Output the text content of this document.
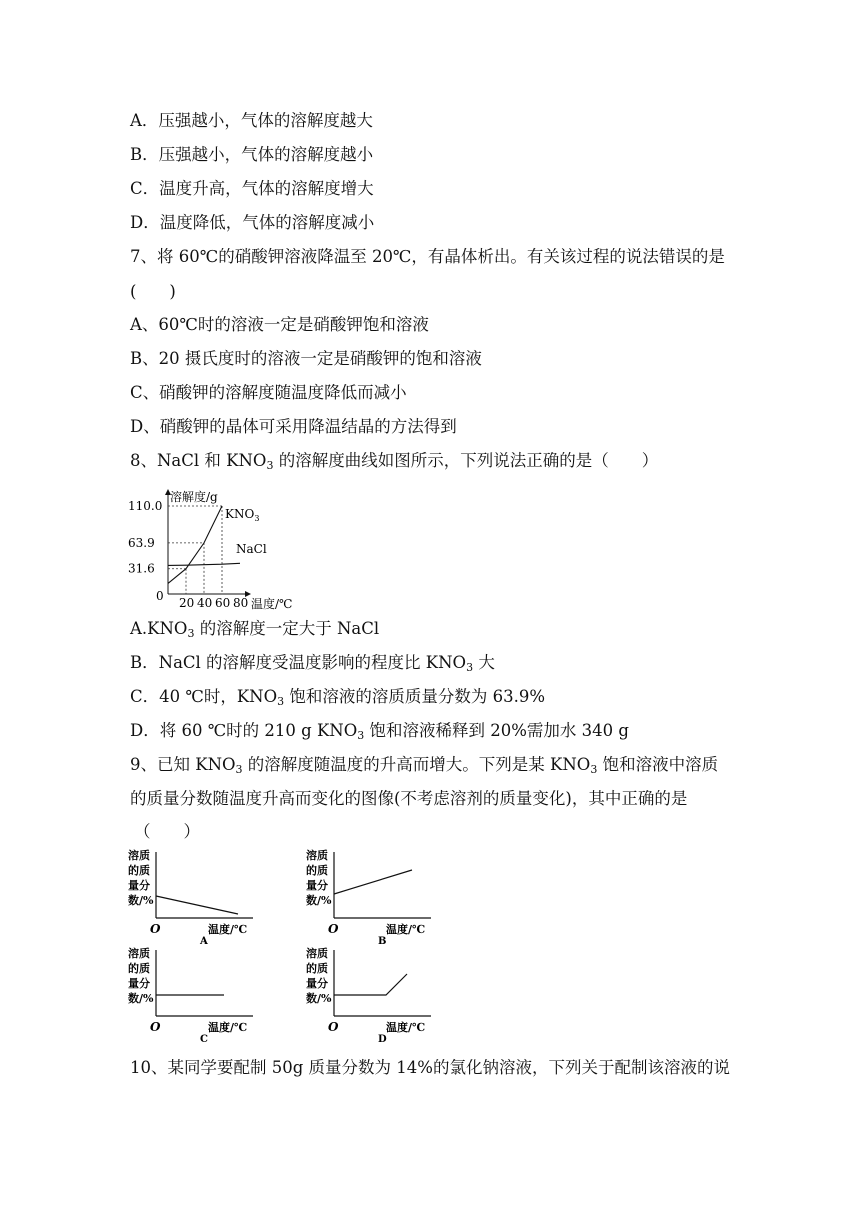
A．压强越小，气体的溶解度越大
B．压强越小，气体的溶解度越小
C．温度升高，气体的溶解度增大
D．温度降低，气体的溶解度减小
7、将 60℃的硝酸钾溶液降温至 20℃，有晶体析出。有关该过程的说法错误的是
(　　)
A、60℃时的溶液一定是硝酸钾饱和溶液
B、20 摄氏度时的溶液一定是硝酸钾的饱和溶液
C、硝酸钾的溶解度随温度降低而减小
D、硝酸钾的晶体可采用降温结晶的方法得到
8、NaCl 和 $KNO_3$ 的溶解度曲线如图所示，下列说法正确的是（　　）
溶解度/g
温度/℃
0
$KNO_3$
NaCl
20 40 60 80
31.6
63.9
110.0
$A.KNO_3$ 的溶解度一定大于 NaCl
B．NaCl 的溶解度受温度影响的程度比 $KNO_3$ 大
C．40 ℃时，$KNO_3$ 饱和溶液的溶质质量分数为 63.9%
D．将 60 ℃时的 210 g $KNO_3$ 饱和溶液稀释到 20%需加水 340 g
9、已知 $KNO_3$ 的溶解度随温度的升高而增大。下列是某 $KNO_3$ 饱和溶液中溶质
的质量分数随温度升高而变化的图像(不考虑溶剂的质量变化)，其中正确的是
（　　）
溶质
的质
量分
数/%
O	温度/℃
A
溶质
的质
量分
数/%
O	温度/℃
B
溶质
的质
量分
数/%
O	温度/℃
C
溶质
的质
量分
数/%
O	温度/℃
D
10、某同学要配制 50g 质量分数为 14%的氯化钠溶液，下列关于配制该溶液的说
